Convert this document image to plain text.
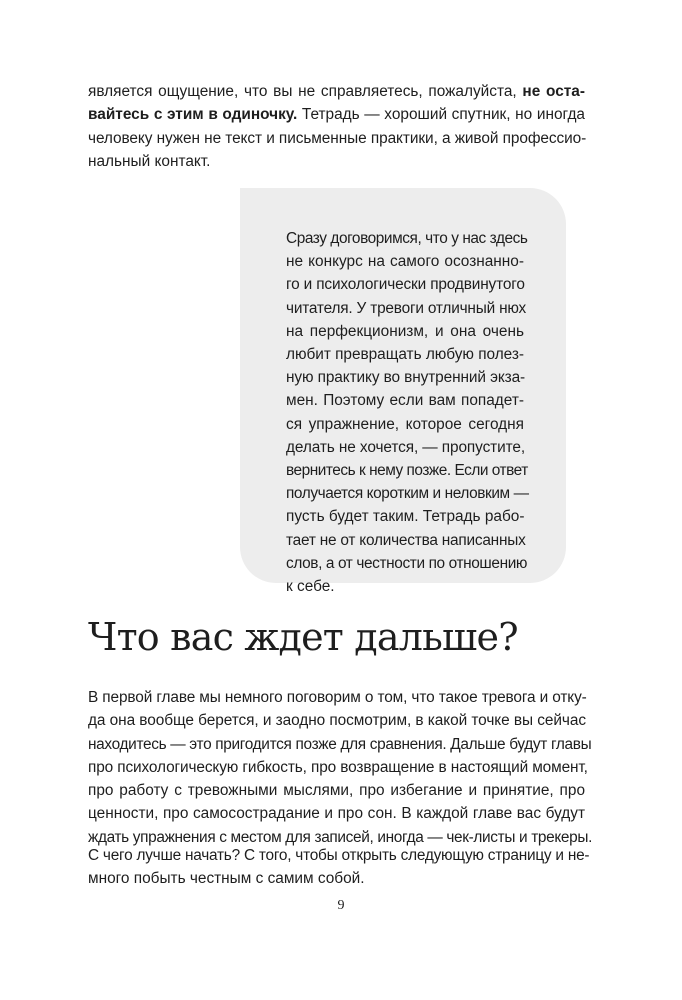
является ощущение, что вы не справляетесь, пожалуйста, не оста-
вайтесь с этим в одиночку. Тетрадь — хороший спутник, но иногда
человеку нужен не текст и письменные практики, а живой профессио-
нальный контакт.

Сразу договоримся, что у нас здесь
не конкурс на самого осознанно-
го и психологически продвинутого
читателя. У тревоги отличный нюх
на перфекционизм, и она очень
любит превращать любую полез-
ную практику во внутренний экза-
мен. Поэтому если вам попадет-
ся упражнение, которое сегодня
делать не хочется, — пропустите,
вернитесь к нему позже. Если ответ
получается коротким и неловким —
пусть будет таким. Тетрадь рабо-
тает не от количества написанных
слов, а от честности по отношению
к себе.

Что вас ждет дальше?

В первой главе мы немного поговорим о том, что такое тревога и отку-
да она вообще берется, и заодно посмотрим, в какой точке вы сейчас
находитесь — это пригодится позже для сравнения. Дальше будут главы
про психологическую гибкость, про возвращение в настоящий момент,
про работу с тревожными мыслями, про избегание и принятие, про
ценности, про самосострадание и про сон. В каждой главе вас будут
ждать упражнения с местом для записей, иногда — чек-листы и трекеры.

С чего лучше начать? С того, чтобы открыть следующую страницу и не-
много побыть честным с самим собой.

9
